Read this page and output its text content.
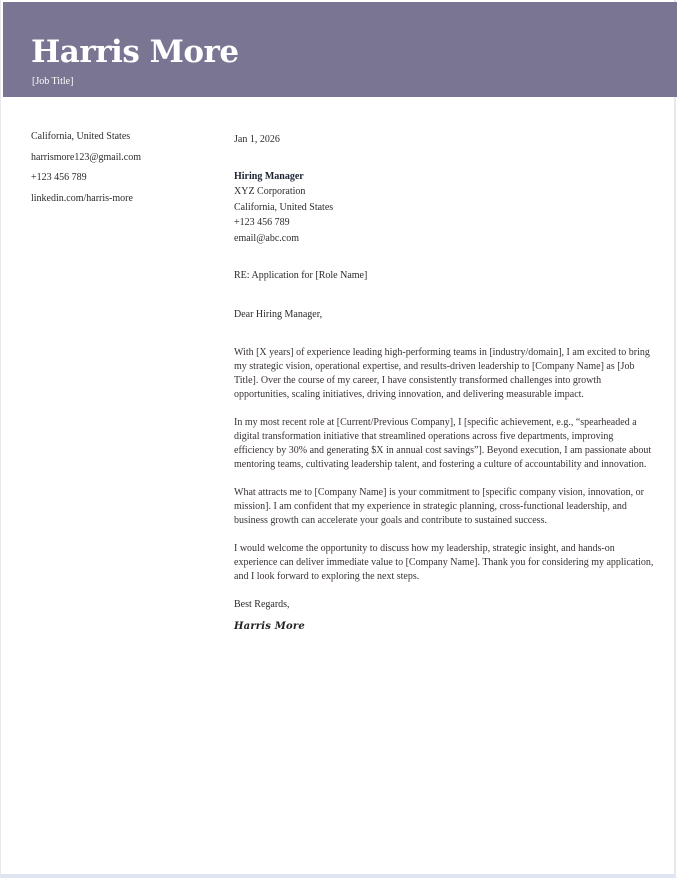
Harris More
[Job Title]
California, United States
harrismore123@gmail.com
+123 456 789
linkedin.com/harris-more
Jan 1, 2026
Hiring Manager
XYZ Corporation
California, United States
+123 456 789
email@abc.com
RE: Application for [Role Name]
Dear Hiring Manager,

With [X years] of experience leading high-performing teams in [industry/domain], I am excited to bring my strategic vision, operational expertise, and results-driven leadership to [Company Name] as [Job Title]. Over the course of my career, I have consistently transformed challenges into growth opportunities, scaling initiatives, driving innovation, and delivering measurable impact.

In my most recent role at [Current/Previous Company], I [specific achievement, e.g., “spearheaded a digital transformation initiative that streamlined operations across five departments, improving efficiency by 30% and generating $X in annual cost savings”]. Beyond execution, I am passionate about mentoring teams, cultivating leadership talent, and fostering a culture of accountability and innovation.

What attracts me to [Company Name] is your commitment to [specific company vision, innovation, or mission]. I am confident that my experience in strategic planning, cross-functional leadership, and business growth can accelerate your goals and contribute to sustained success.

I would welcome the opportunity to discuss how my leadership, strategic insight, and hands-on experience can deliver immediate value to [Company Name]. Thank you for considering my application, and I look forward to exploring the next steps.

Best Regards,
Harris More
